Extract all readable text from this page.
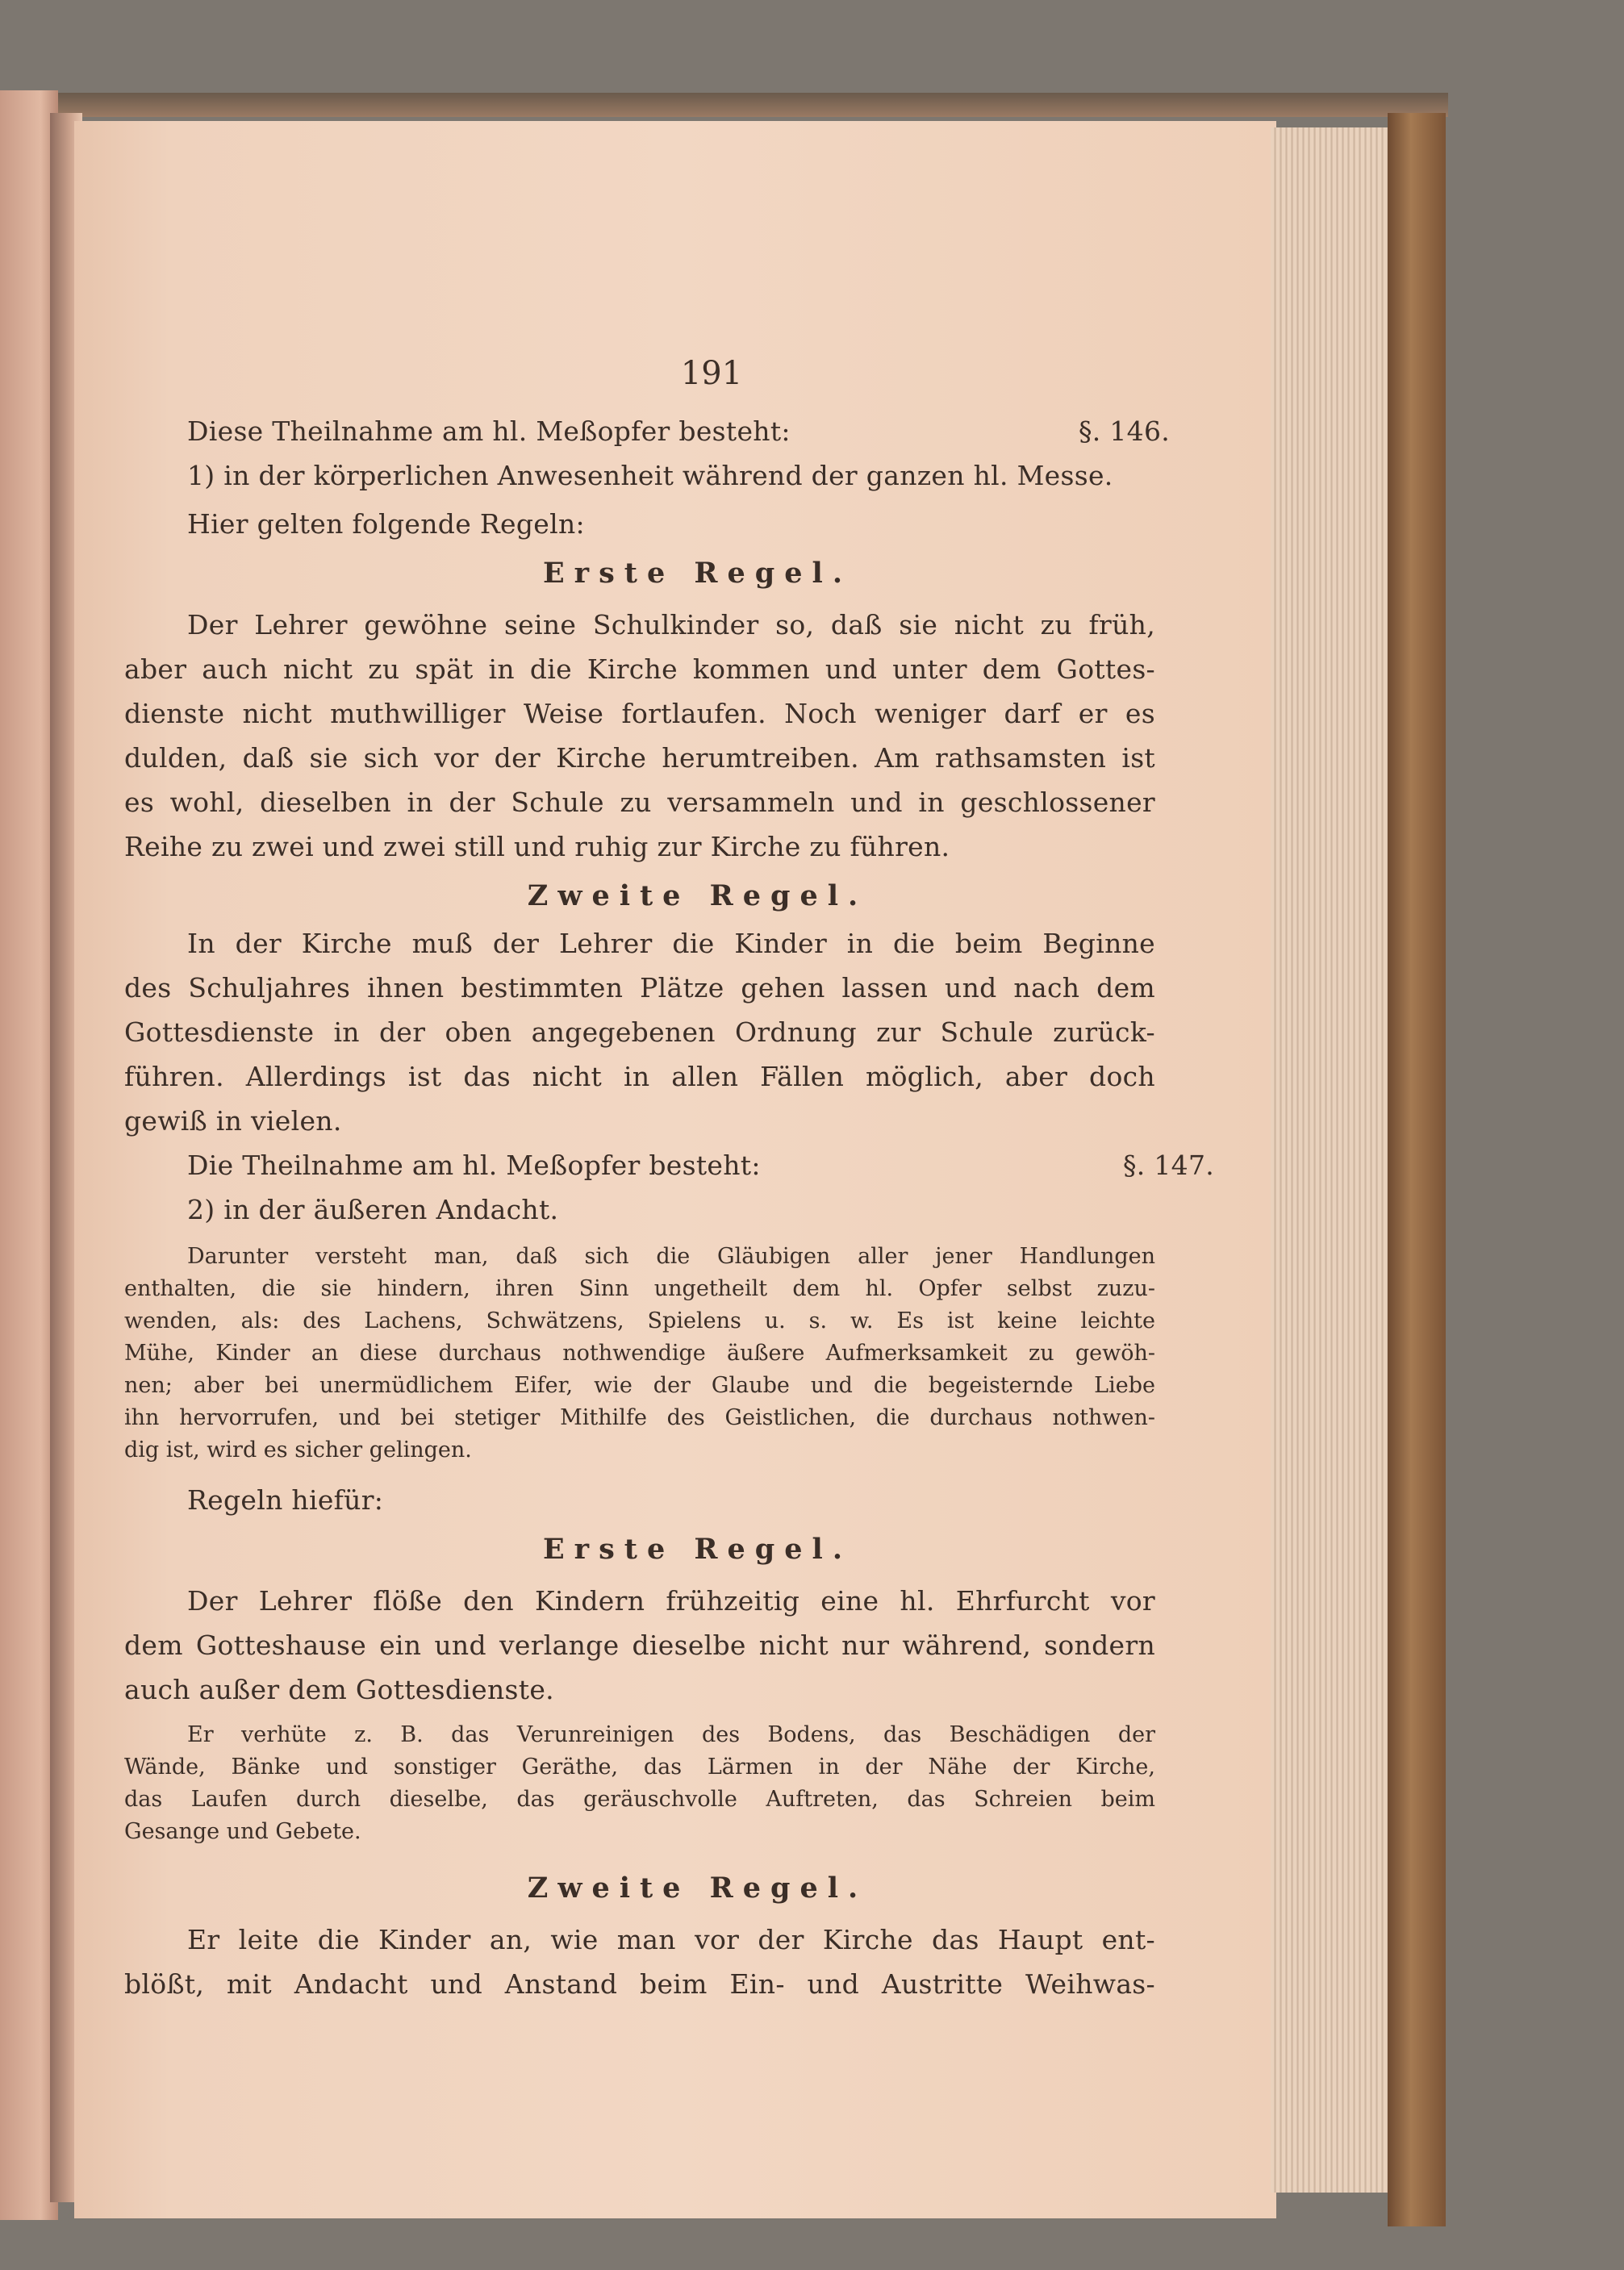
191
Diese Theilnahme am hl. Meßopfer besteht:	§. 146.
1) in der körperlichen Anwesenheit während der ganzen hl. Messe.
Hier gelten folgende Regeln:
Erste Regel.
Der Lehrer gewöhne seine Schulkinder so, daß sie nicht zu früh,
aber auch nicht zu spät in die Kirche kommen und unter dem Gottes-
dienste nicht muthwilliger Weise fortlaufen. Noch weniger darf er es
dulden, daß sie sich vor der Kirche herumtreiben. Am rathsamsten ist
es wohl, dieselben in der Schule zu versammeln und in geschlossener
Reihe zu zwei und zwei still und ruhig zur Kirche zu führen.
Zweite Regel.
In der Kirche muß der Lehrer die Kinder in die beim Beginne
des Schuljahres ihnen bestimmten Plätze gehen lassen und nach dem
Gottesdienste in der oben angegebenen Ordnung zur Schule zurück-
führen. Allerdings ist das nicht in allen Fällen möglich, aber doch
gewiß in vielen.
Die Theilnahme am hl. Meßopfer besteht:	§. 147.
2) in der äußeren Andacht.
Darunter versteht man, daß sich die Gläubigen aller jener Handlungen
enthalten, die sie hindern, ihren Sinn ungetheilt dem hl. Opfer selbst zuzu-
wenden, als: des Lachens, Schwätzens, Spielens u. s. w. Es ist keine leichte
Mühe, Kinder an diese durchaus nothwendige äußere Aufmerksamkeit zu gewöh-
nen; aber bei unermüdlichem Eifer, wie der Glaube und die begeisternde Liebe
ihn hervorrufen, und bei stetiger Mithilfe des Geistlichen, die durchaus nothwen-
dig ist, wird es sicher gelingen.
Regeln hiefür:
Erste Regel.
Der Lehrer flöße den Kindern frühzeitig eine hl. Ehrfurcht vor
dem Gotteshause ein und verlange dieselbe nicht nur während, sondern
auch außer dem Gottesdienste.
Er verhüte z. B. das Verunreinigen des Bodens, das Beschädigen der
Wände, Bänke und sonstiger Geräthe, das Lärmen in der Nähe der Kirche,
das Laufen durch dieselbe, das geräuschvolle Auftreten, das Schreien beim
Gesange und Gebete.
Zweite Regel.
Er leite die Kinder an, wie man vor der Kirche das Haupt ent-
blößt, mit Andacht und Anstand beim Ein- und Austritte Weihwas-
